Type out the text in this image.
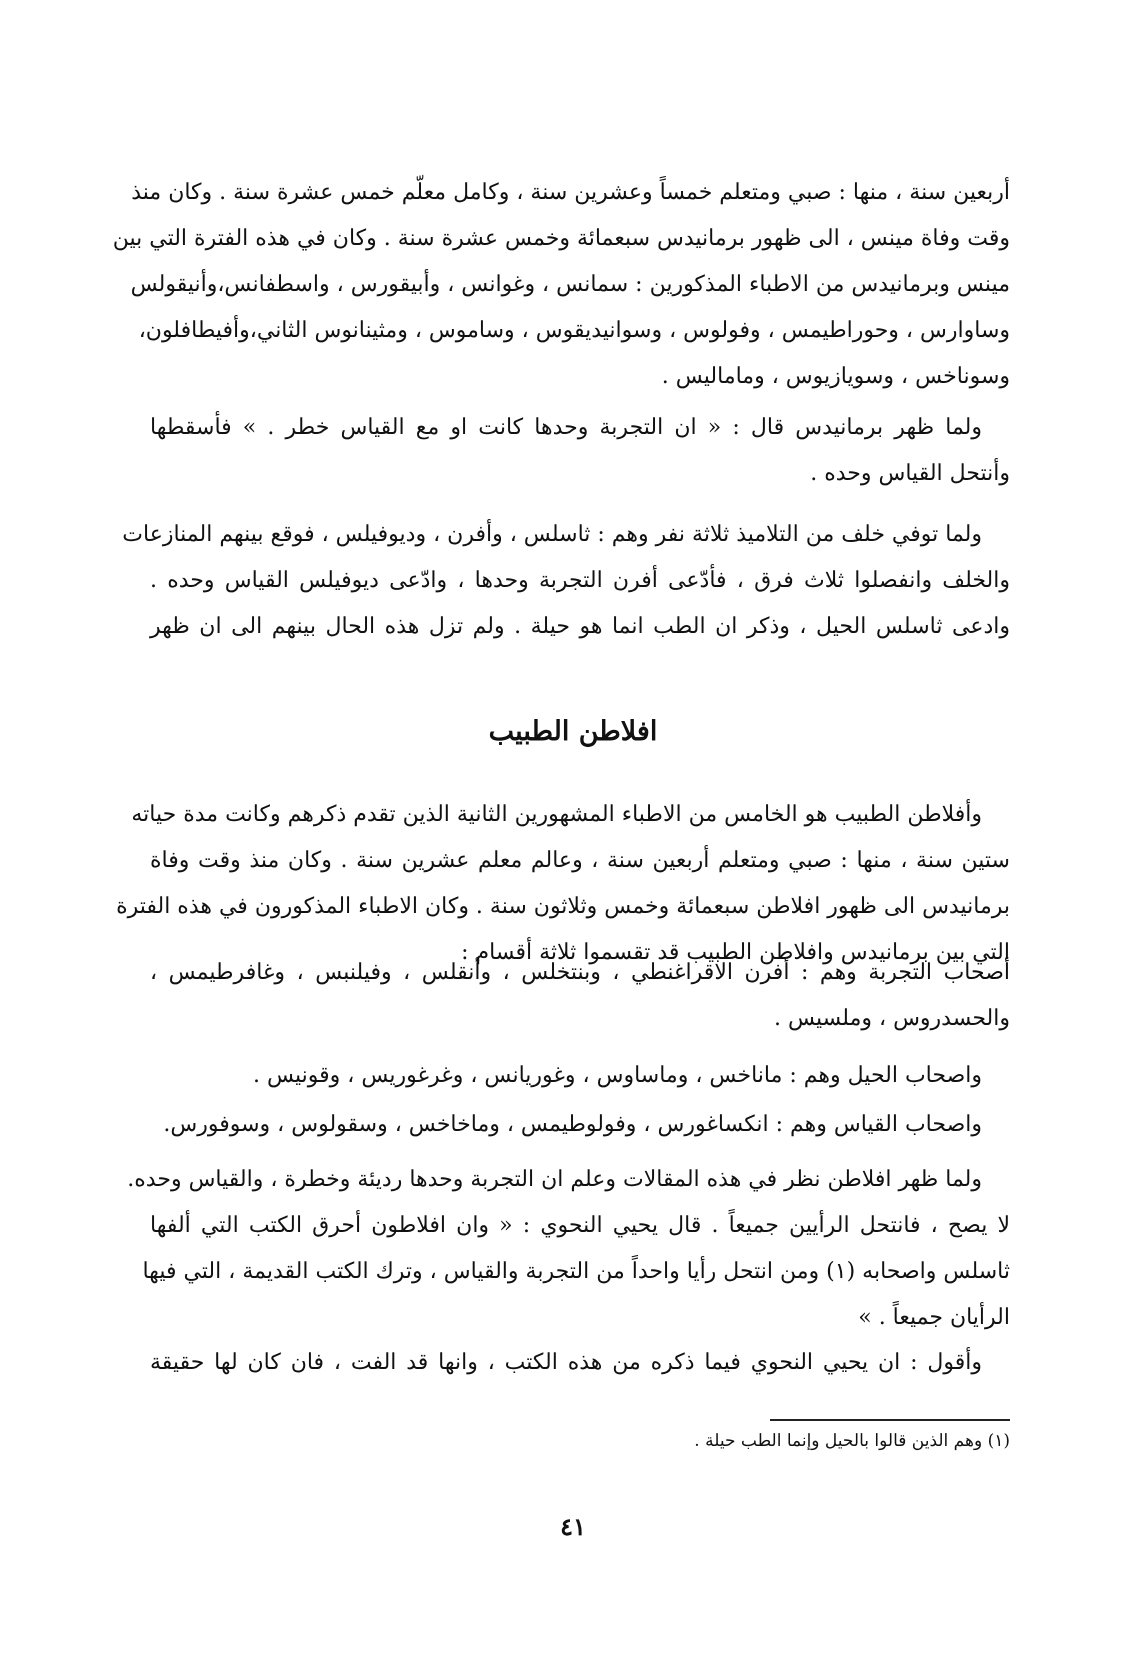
أربعين سنة ، منها : صبي ومتعلم خمساً وعشرين سنة ، وكامل معلّم خمس عشرة سنة . وكان منذ
وقت وفاة مينس ، الى ظهور برمانيدس سبعمائة وخمس عشرة سنة . وكان في هذه الفترة التي بين
مينس وبرمانيدس من الاطباء المذكورين : سمانس ، وغوانس ، وأبيقورس ، واسطفانس،وأنيقولس
وساوارس ، وحوراطيمس ، وفولوس ، وسوانيديقوس ، وساموس ، ومثينانوس الثاني،وأفيطافلون،
وسوناخس ، وسويازيوس ، وماماليس .
ولما ظهر برمانيدس قال : « ان التجربة وحدها كانت او مع القياس خطر . » فأسقطها
وأنتحل القياس وحده .
ولما توفي خلف من التلاميذ ثلاثة نفر وهم : ثاسلس ، وأفرن ، وديوفيلس ، فوقع بينهم المنازعات
والخلف وانفصلوا ثلاث فرق ، فأدّعى أفرن التجربة وحدها ، وادّعى ديوفيلس القياس وحده .
وادعى ثاسلس الحيل ، وذكر ان الطب انما هو حيلة . ولم تزل هذه الحال بينهم الى ان ظهر
افلاطن الطبيب
وأفلاطن الطبيب هو الخامس من الاطباء المشهورين الثانية الذين تقدم ذكرهم وكانت مدة حياته
ستين سنة ، منها : صبي ومتعلم أربعين سنة ، وعالم معلم عشرين سنة . وكان منذ وقت وفاة
برمانيدس الى ظهور افلاطن سبعمائة وخمس وثلاثون سنة . وكان الاطباء المذكورون في هذه الفترة
التي بين برمانيدس وافلاطن الطبيب قد تقسموا ثلاثة أقسام :
أصحاب التجربة وهم : أفرن الاقراغنطي ، وبنتخلس ، وأنقلس ، وفيلنبس ، وغافرطيمس ،
والحسدروس ، وملسيس .
واصحاب الحيل وهم : ماناخس ، وماساوس ، وغوريانس ، وغرغوريس ، وقونيس .
واصحاب القياس وهم : انكساغورس ، وفولوطيمس ، وماخاخس ، وسقولوس ، وسوفورس.
ولما ظهر افلاطن نظر في هذه المقالات وعلم ان التجربة وحدها رديئة وخطرة ، والقياس وحده.
لا يصح ، فانتحل الرأيين جميعاً . قال يحيي النحوي : « وان افلاطون أحرق الكتب التي ألفها
ثاسلس واصحابه (١) ومن انتحل رأيا واحداً من التجربة والقياس ، وترك الكتب القديمة ، التي فيها
الرأيان جميعاً . »
وأقول : ان يحيي النحوي فيما ذكره من هذه الكتب ، وانها قد الفت ، فان كان لها حقيقة
(١) وهم الذين قالوا بالحيل وإنما الطب حيلة .
٤١
